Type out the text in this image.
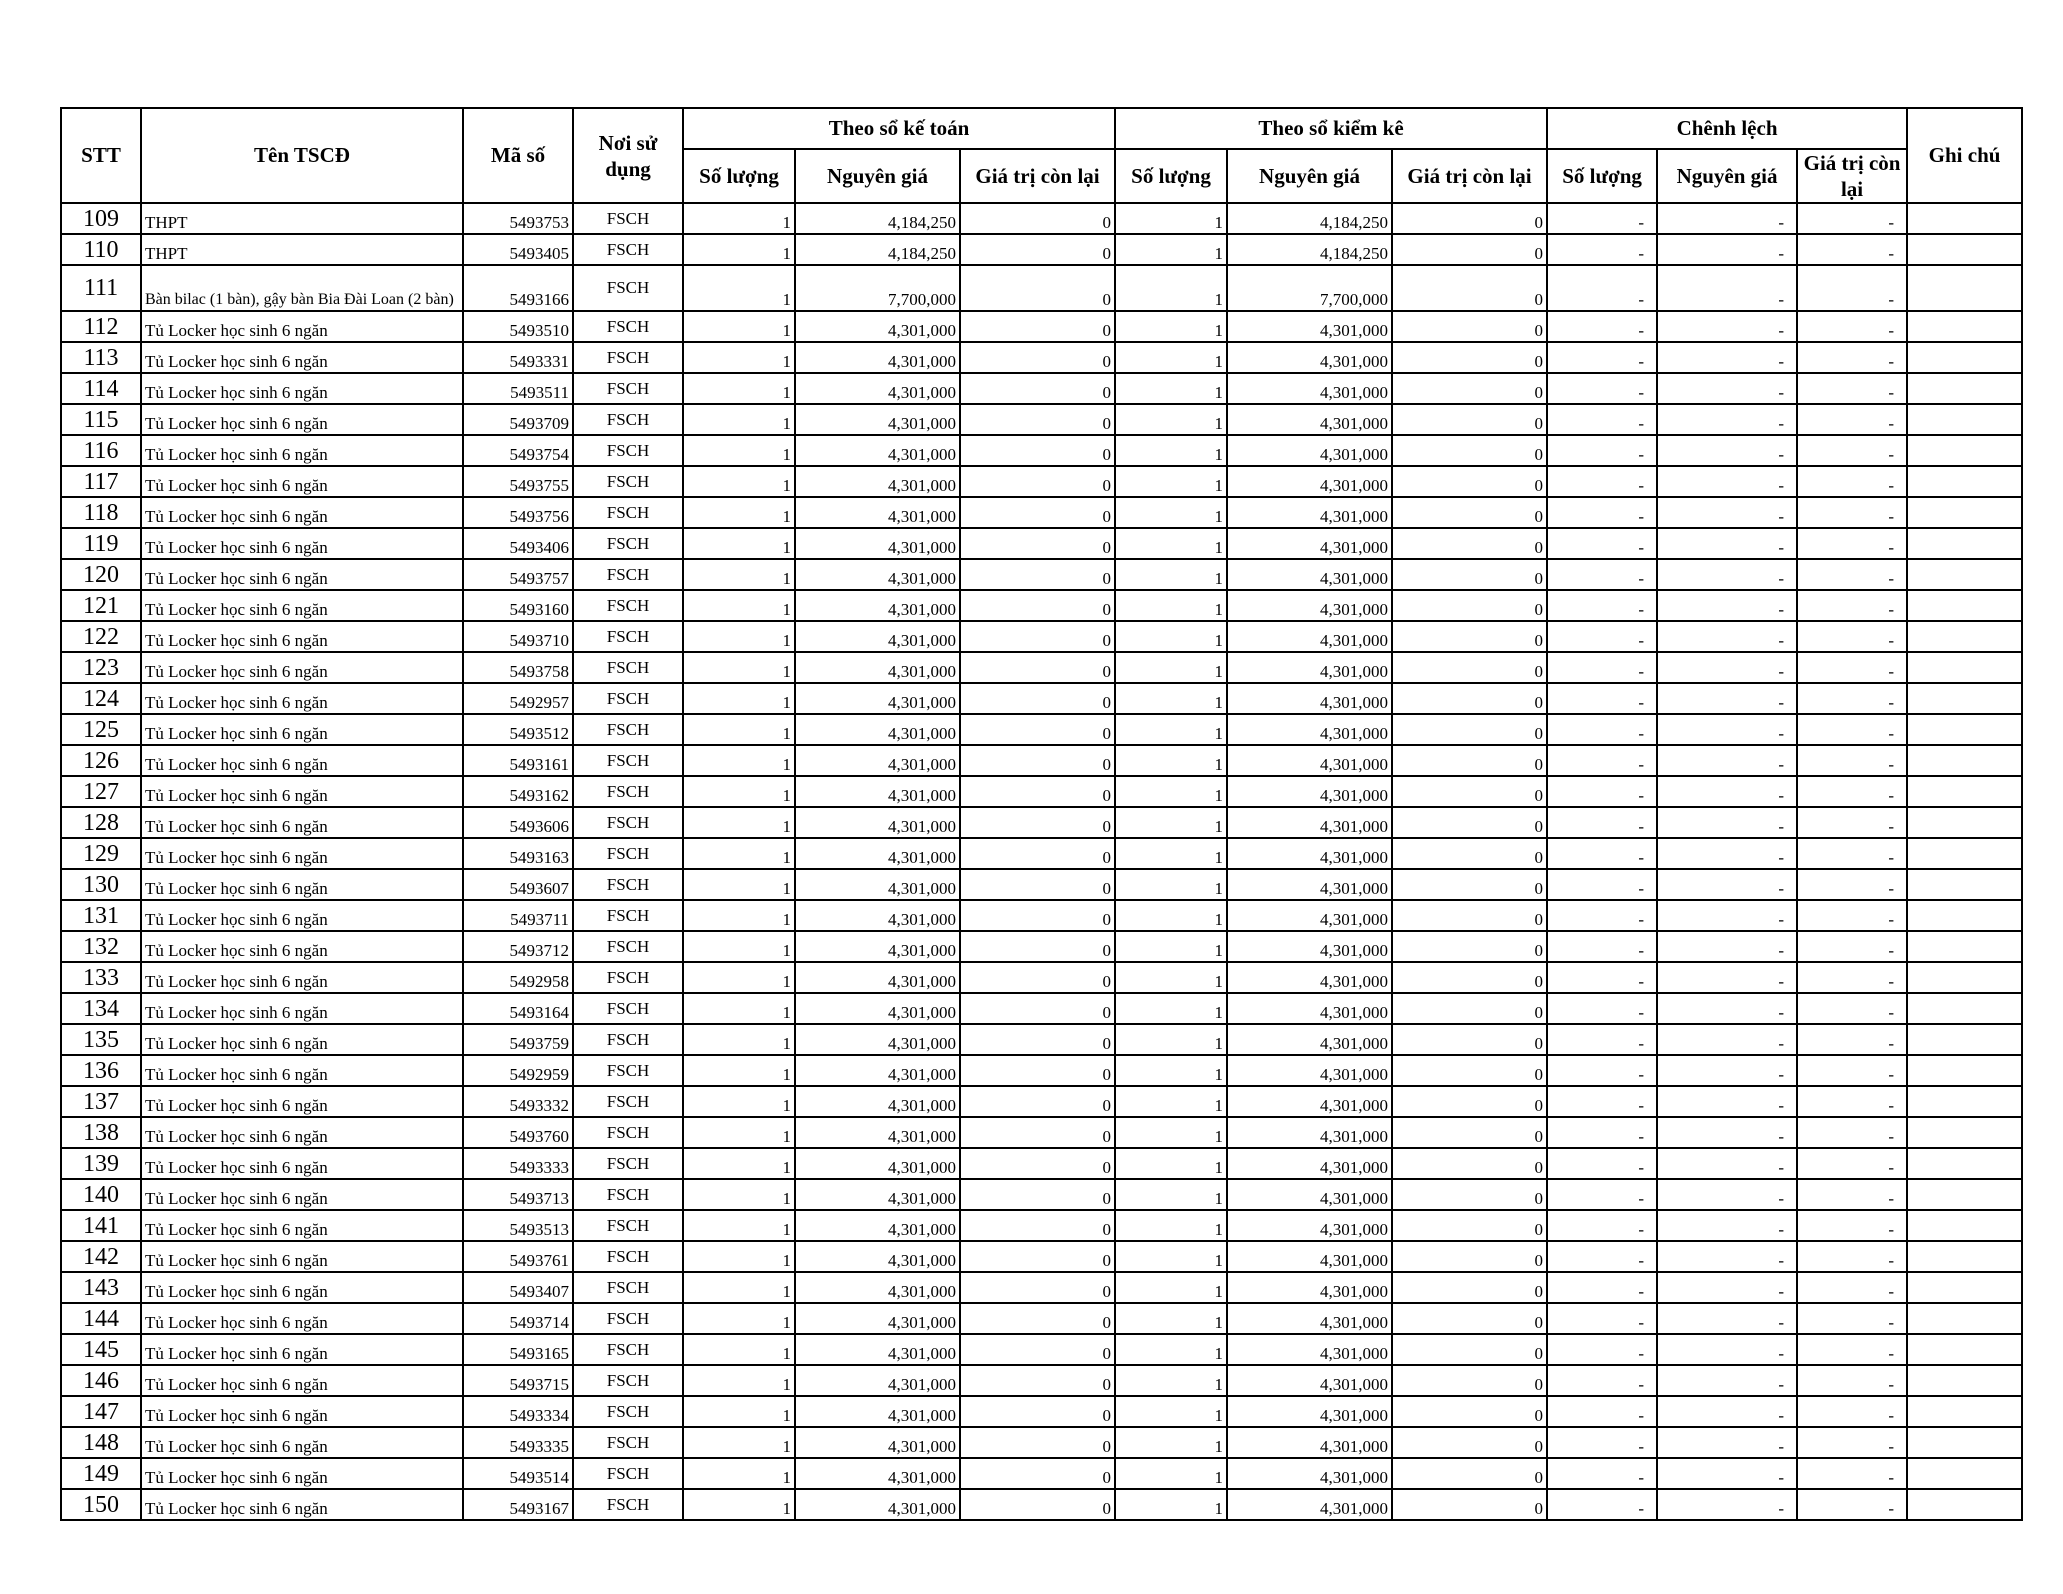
STT	Tên TSCĐ	Mã số	Nơi sử dụng	Theo sổ kế toán			Theo sổ kiểm kê			Chênh lệch			Ghi chú
				Số lượng	Nguyên giá	Giá trị còn lại	Số lượng	Nguyên giá	Giá trị còn lại	Số lượng	Nguyên giá	Giá trị còn lại	
109	THPT	5493753	FSCH	1	4,184,250	0	1	4,184,250	0	-	-	-	
110	THPT	5493405	FSCH	1	4,184,250	0	1	4,184,250	0	-	-	-	
111	Bàn bilac (1 bàn), gậy bàn Bia Đài Loan (2 bàn)	5493166	FSCH	1	7,700,000	0	1	7,700,000	0	-	-	-	
112	Tủ Locker học sinh 6 ngăn	5493510	FSCH	1	4,301,000	0	1	4,301,000	0	-	-	-	
113	Tủ Locker học sinh 6 ngăn	5493331	FSCH	1	4,301,000	0	1	4,301,000	0	-	-	-	
114	Tủ Locker học sinh 6 ngăn	5493511	FSCH	1	4,301,000	0	1	4,301,000	0	-	-	-	
115	Tủ Locker học sinh 6 ngăn	5493709	FSCH	1	4,301,000	0	1	4,301,000	0	-	-	-	
116	Tủ Locker học sinh 6 ngăn	5493754	FSCH	1	4,301,000	0	1	4,301,000	0	-	-	-	
117	Tủ Locker học sinh 6 ngăn	5493755	FSCH	1	4,301,000	0	1	4,301,000	0	-	-	-	
118	Tủ Locker học sinh 6 ngăn	5493756	FSCH	1	4,301,000	0	1	4,301,000	0	-	-	-	
119	Tủ Locker học sinh 6 ngăn	5493406	FSCH	1	4,301,000	0	1	4,301,000	0	-	-	-	
120	Tủ Locker học sinh 6 ngăn	5493757	FSCH	1	4,301,000	0	1	4,301,000	0	-	-	-	
121	Tủ Locker học sinh 6 ngăn	5493160	FSCH	1	4,301,000	0	1	4,301,000	0	-	-	-	
122	Tủ Locker học sinh 6 ngăn	5493710	FSCH	1	4,301,000	0	1	4,301,000	0	-	-	-	
123	Tủ Locker học sinh 6 ngăn	5493758	FSCH	1	4,301,000	0	1	4,301,000	0	-	-	-	
124	Tủ Locker học sinh 6 ngăn	5492957	FSCH	1	4,301,000	0	1	4,301,000	0	-	-	-	
125	Tủ Locker học sinh 6 ngăn	5493512	FSCH	1	4,301,000	0	1	4,301,000	0	-	-	-	
126	Tủ Locker học sinh 6 ngăn	5493161	FSCH	1	4,301,000	0	1	4,301,000	0	-	-	-	
127	Tủ Locker học sinh 6 ngăn	5493162	FSCH	1	4,301,000	0	1	4,301,000	0	-	-	-	
128	Tủ Locker học sinh 6 ngăn	5493606	FSCH	1	4,301,000	0	1	4,301,000	0	-	-	-	
129	Tủ Locker học sinh 6 ngăn	5493163	FSCH	1	4,301,000	0	1	4,301,000	0	-	-	-	
130	Tủ Locker học sinh 6 ngăn	5493607	FSCH	1	4,301,000	0	1	4,301,000	0	-	-	-	
131	Tủ Locker học sinh 6 ngăn	5493711	FSCH	1	4,301,000	0	1	4,301,000	0	-	-	-	
132	Tủ Locker học sinh 6 ngăn	5493712	FSCH	1	4,301,000	0	1	4,301,000	0	-	-	-	
133	Tủ Locker học sinh 6 ngăn	5492958	FSCH	1	4,301,000	0	1	4,301,000	0	-	-	-	
134	Tủ Locker học sinh 6 ngăn	5493164	FSCH	1	4,301,000	0	1	4,301,000	0	-	-	-	
135	Tủ Locker học sinh 6 ngăn	5493759	FSCH	1	4,301,000	0	1	4,301,000	0	-	-	-	
136	Tủ Locker học sinh 6 ngăn	5492959	FSCH	1	4,301,000	0	1	4,301,000	0	-	-	-	
137	Tủ Locker học sinh 6 ngăn	5493332	FSCH	1	4,301,000	0	1	4,301,000	0	-	-	-	
138	Tủ Locker học sinh 6 ngăn	5493760	FSCH	1	4,301,000	0	1	4,301,000	0	-	-	-	
139	Tủ Locker học sinh 6 ngăn	5493333	FSCH	1	4,301,000	0	1	4,301,000	0	-	-	-	
140	Tủ Locker học sinh 6 ngăn	5493713	FSCH	1	4,301,000	0	1	4,301,000	0	-	-	-	
141	Tủ Locker học sinh 6 ngăn	5493513	FSCH	1	4,301,000	0	1	4,301,000	0	-	-	-	
142	Tủ Locker học sinh 6 ngăn	5493761	FSCH	1	4,301,000	0	1	4,301,000	0	-	-	-	
143	Tủ Locker học sinh 6 ngăn	5493407	FSCH	1	4,301,000	0	1	4,301,000	0	-	-	-	
144	Tủ Locker học sinh 6 ngăn	5493714	FSCH	1	4,301,000	0	1	4,301,000	0	-	-	-	
145	Tủ Locker học sinh 6 ngăn	5493165	FSCH	1	4,301,000	0	1	4,301,000	0	-	-	-	
146	Tủ Locker học sinh 6 ngăn	5493715	FSCH	1	4,301,000	0	1	4,301,000	0	-	-	-	
147	Tủ Locker học sinh 6 ngăn	5493334	FSCH	1	4,301,000	0	1	4,301,000	0	-	-	-	
148	Tủ Locker học sinh 6 ngăn	5493335	FSCH	1	4,301,000	0	1	4,301,000	0	-	-	-	
149	Tủ Locker học sinh 6 ngăn	5493514	FSCH	1	4,301,000	0	1	4,301,000	0	-	-	-	
150	Tủ Locker học sinh 6 ngăn	5493167	FSCH	1	4,301,000	0	1	4,301,000	0	-	-	-	
